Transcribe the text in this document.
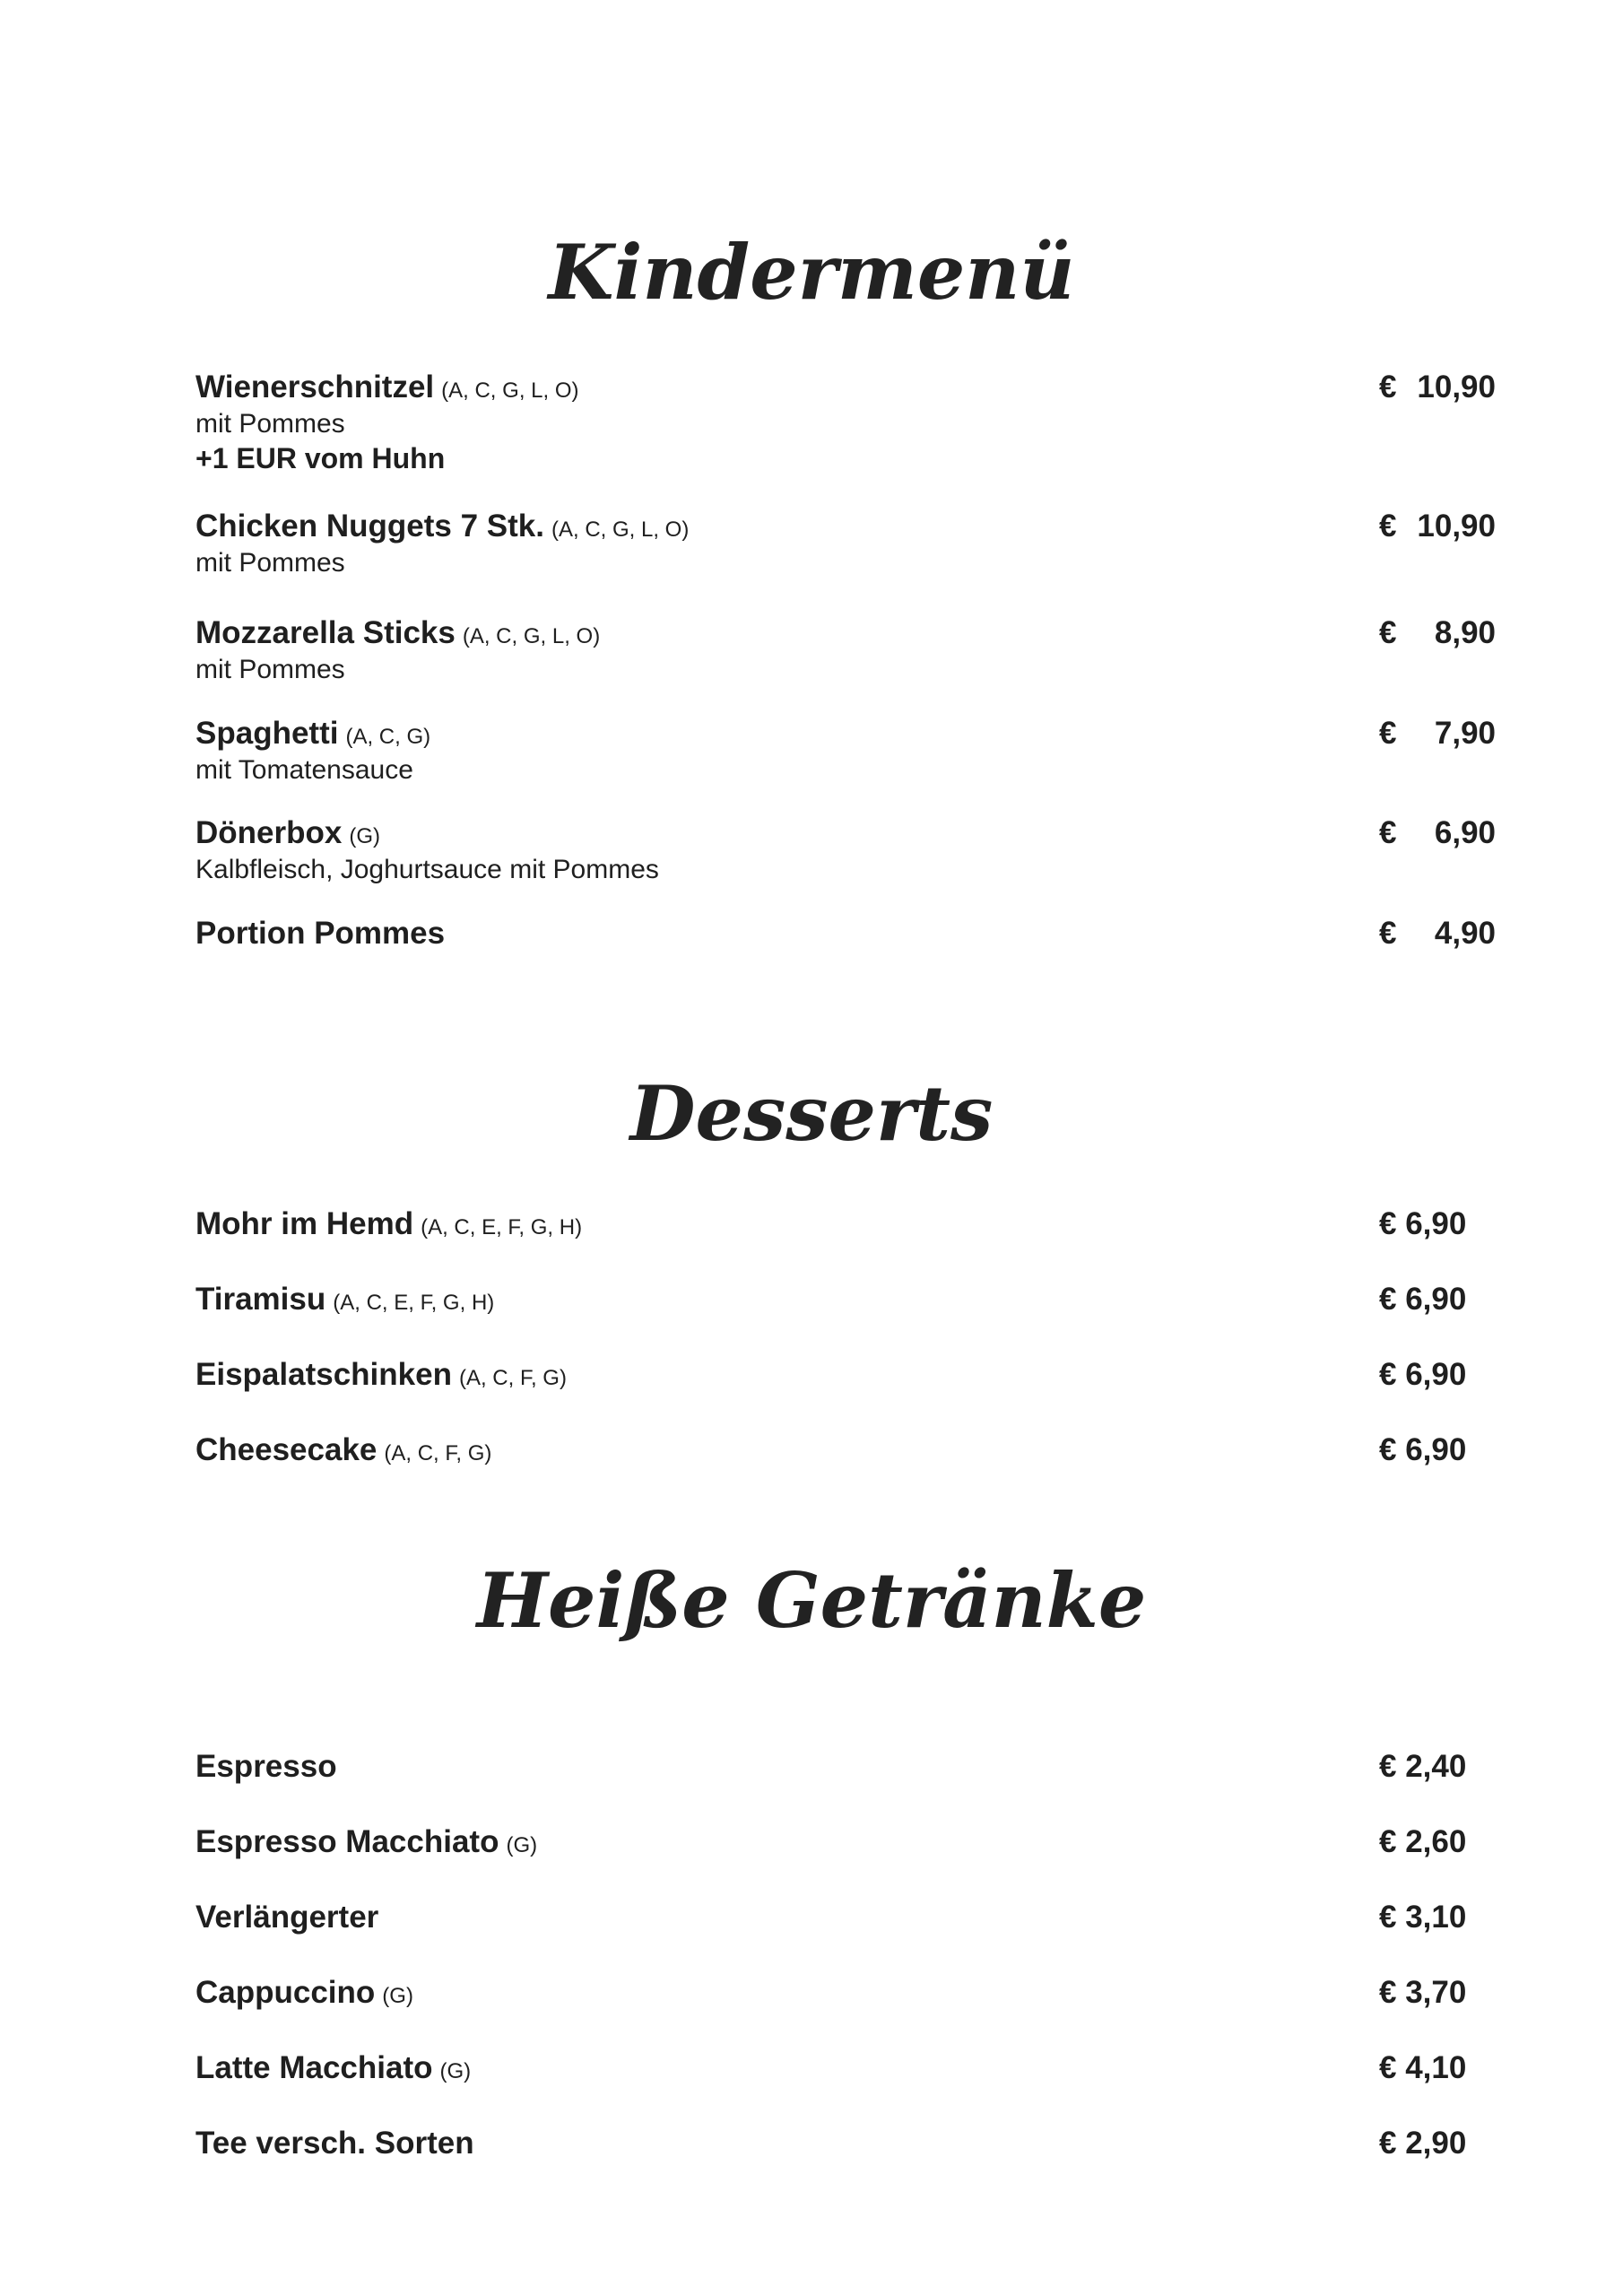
Kindermenü
Wienerschnitzel (A, C, G, L, O)	€ 10,90
mit Pommes
+1 EUR vom Huhn
Chicken Nuggets 7 Stk. (A, C, G, L, O)	€ 10,90
mit Pommes
Mozzarella Sticks (A, C, G, L, O)	€ 8,90
mit Pommes
Spaghetti (A, C, G)	€ 7,90
mit Tomatensauce
Dönerbox (G)	€ 6,90
Kalbfleisch, Joghurtsauce mit Pommes
Portion Pommes	€ 4,90
Desserts
Mohr im Hemd (A, C, E, F, G, H)	€ 6,90
Tiramisu (A, C, E, F, G, H)	€ 6,90
Eispalatschinken (A, C, F, G)	€ 6,90
Cheesecake (A, C, F, G)	€ 6,90
Heiße Getränke
Espresso	€ 2,40
Espresso Macchiato (G)	€ 2,60
Verlängerter	€ 3,10
Cappuccino (G)	€ 3,70
Latte Macchiato (G)	€ 4,10
Tee versch. Sorten	€ 2,90
